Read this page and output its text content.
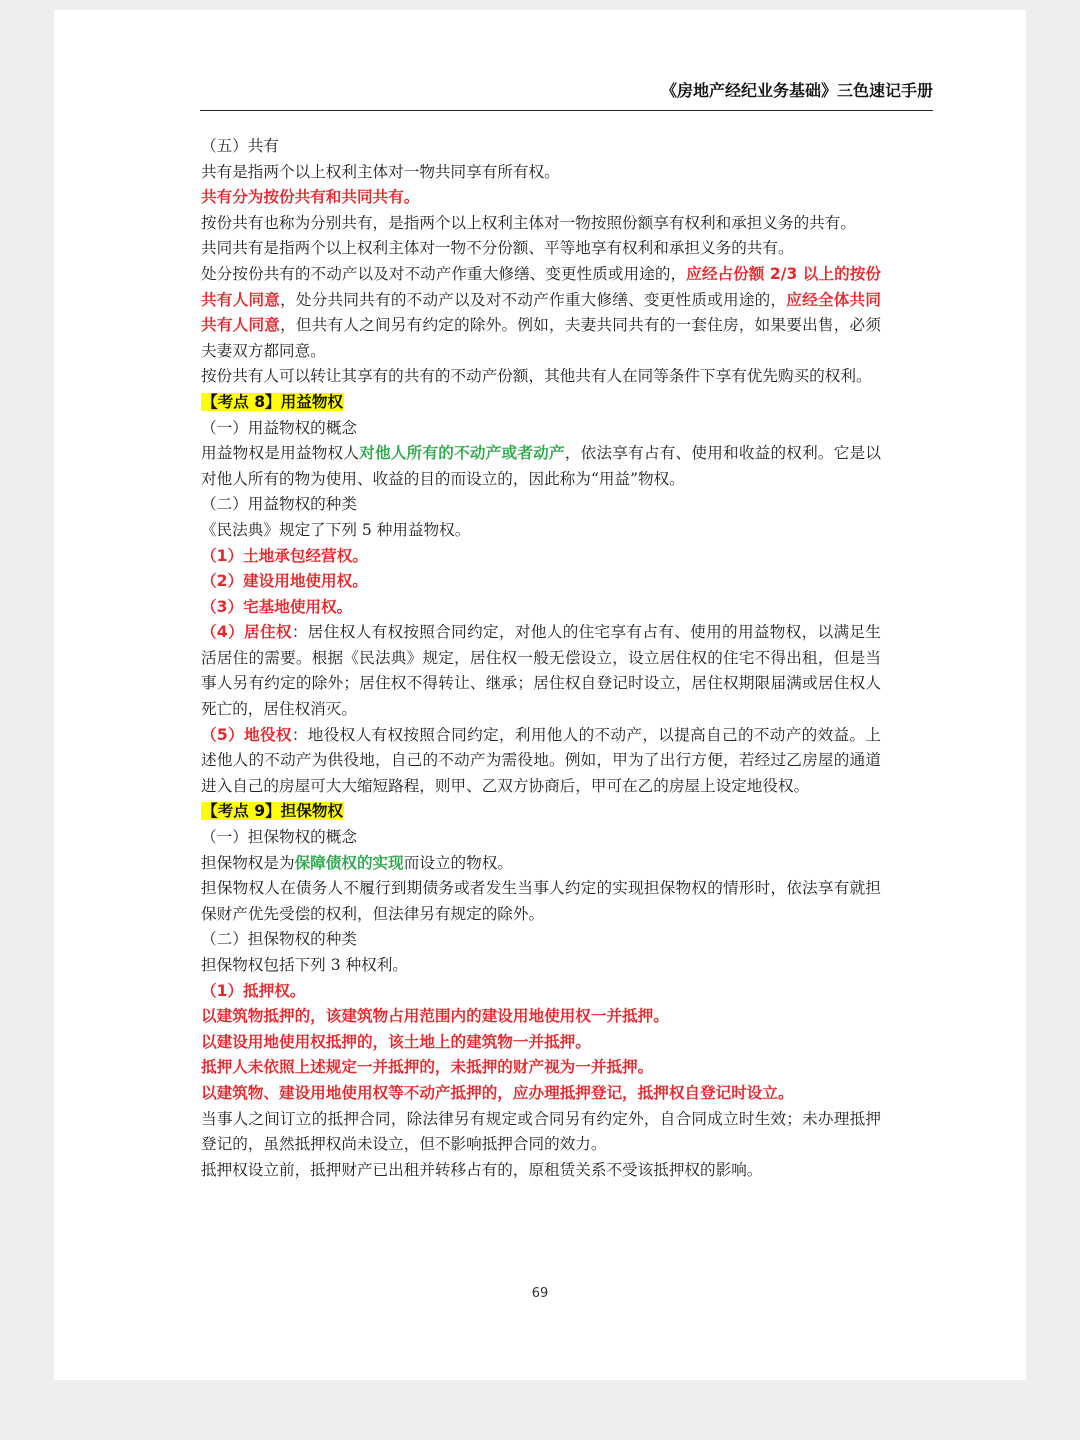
《房地产经纪业务基础》三色速记手册

（五）共有

共有是指两个以上权利主体对一物共同享有所有权。

共有分为按份共有和共同共有。

按份共有也称为分别共有，是指两个以上权利主体对一物按照份额享有权利和承担义务的共有。

共同共有是指两个以上权利主体对一物不分份额、平等地享有权利和承担义务的共有。

处分按份共有的不动产以及对不动产作重大修缮、变更性质或用途的，应经占份额 2/3 以上的按份共有人同意，处分共同共有的不动产以及对不动产作重大修缮、变更性质或用途的，应经全体共同共有人同意，但共有人之间另有约定的除外。例如，夫妻共同共有的一套住房，如果要出售，必须夫妻双方都同意。

按份共有人可以转让其享有的共有的不动产份额，其他共有人在同等条件下享有优先购买的权利。

【考点 8】用益物权

（一）用益物权的概念

用益物权是用益物权人对他人所有的不动产或者动产，依法享有占有、使用和收益的权利。它是以对他人所有的物为使用、收益的目的而设立的，因此称为“用益”物权。

（二）用益物权的种类

《民法典》规定了下列 5 种用益物权。

（1）土地承包经营权。

（2）建设用地使用权。

（3）宅基地使用权。

（4）居住权：居住权人有权按照合同约定，对他人的住宅享有占有、使用的用益物权，以满足生活居住的需要。根据《民法典》规定，居住权一般无偿设立，设立居住权的住宅不得出租，但是当事人另有约定的除外；居住权不得转让、继承；居住权自登记时设立，居住权期限届满或居住权人死亡的，居住权消灭。

（5）地役权：地役权人有权按照合同约定，利用他人的不动产，以提高自己的不动产的效益。上述他人的不动产为供役地，自己的不动产为需役地。例如，甲为了出行方便，若经过乙房屋的通道进入自己的房屋可大大缩短路程，则甲、乙双方协商后，甲可在乙的房屋上设定地役权。

【考点 9】担保物权

（一）担保物权的概念

担保物权是为保障债权的实现而设立的物权。

担保物权人在债务人不履行到期债务或者发生当事人约定的实现担保物权的情形时，依法享有就担保财产优先受偿的权利，但法律另有规定的除外。

（二）担保物权的种类

担保物权包括下列 3 种权利。

（1）抵押权。

以建筑物抵押的，该建筑物占用范围内的建设用地使用权一并抵押。

以建设用地使用权抵押的，该土地上的建筑物一并抵押。

抵押人未依照上述规定一并抵押的，未抵押的财产视为一并抵押。

以建筑物、建设用地使用权等不动产抵押的，应办理抵押登记，抵押权自登记时设立。

当事人之间订立的抵押合同，除法律另有规定或合同另有约定外，自合同成立时生效；未办理抵押登记的，虽然抵押权尚未设立，但不影响抵押合同的效力。

抵押权设立前，抵押财产已出租并转移占有的，原租赁关系不受该抵押权的影响。

69
